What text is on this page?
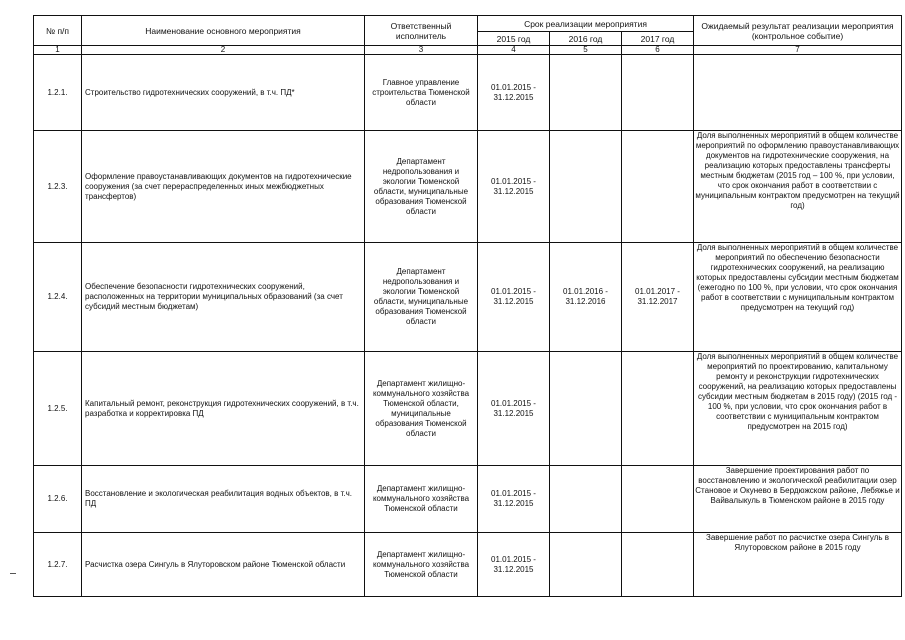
№ п/п	Наименование основного мероприятия	Ответственный исполнитель	Срок реализации мероприятия			Ожидаемый результат реализации мероприятия (контрольное событие)
			2015 год	2016 год	2017 год	
1	2	3	4	5	6	7
1.2.1.	Строительство гидротехнических сооружений, в т.ч. ПД*	Главное управление строительства Тюменской области	01.01.2015 - 31.12.2015			
1.2.3.	Оформление правоустанавливающих документов на гидротехнические сооружения (за счет перераспределенных иных межбюджетных трансфертов)	Департамент недропользования и экологии Тюменской области, муниципальные образования Тюменской области	01.01.2015 - 31.12.2015			Доля выполненных мероприятий в общем количестве мероприятий по оформлению правоустанавливающих документов на гидротехнические сооружения, на реализацию которых предоставлены трансферты местным бюджетам (2015 год – 100 %, при условии, что срок окончания работ в соответствии с муниципальным контрактом предусмотрен на текущий год)
1.2.4.	Обеспечение безопасности гидротехнических сооружений, расположенных на территории муниципальных образований (за счет субсидий местным бюджетам)	Департамент недропользования и экологии Тюменской области, муниципальные образования Тюменской области	01.01.2015 - 31.12.2015	01.01.2016 - 31.12.2016	01.01.2017 - 31.12.2017	Доля выполненных мероприятий в общем количестве мероприятий по обеспечению безопасности гидротехнических сооружений, на реализацию которых предоставлены субсидии местным бюджетам (ежегодно по 100 %, при условии, что срок окончания работ в соответствии с муниципальным контрактом предусмотрен на текущий год)
1.2.5.	Капитальный ремонт, реконструкция гидротехнических сооружений, в т.ч. разработка и корректировка ПД	Департамент жилищно-коммунального хозяйства Тюменской области, муниципальные образования Тюменской области	01.01.2015 - 31.12.2015			Доля выполненных мероприятий в общем количестве мероприятий по проектированию, капитальному ремонту и реконструкции гидротехнических сооружений, на реализацию которых предоставлены субсидии местным бюджетам в 2015 году) (2015 год - 100 %, при условии, что срок окончания работ в соответствии с муниципальным контрактом предусмотрен на 2015 год)
1.2.6.	Восстановление и экологическая реабилитация водных объектов, в т.ч. ПД	Департамент жилищно-коммунального хозяйства Тюменской области	01.01.2015 - 31.12.2015			Завершение проектирования работ по восстановлению и экологической реабилитации озер Становое и Окунево в Бердюжском районе, Лебяжье и Вайвалыкуль в Тюменском районе в 2015 году
1.2.7.	Расчистка озера Сингуль в Ялуторовском районе Тюменской области	Департамент жилищно-коммунального хозяйства Тюменской области	01.01.2015 - 31.12.2015			Завершение работ по расчистке озера Сингуль в Ялуторовском районе в 2015 году
